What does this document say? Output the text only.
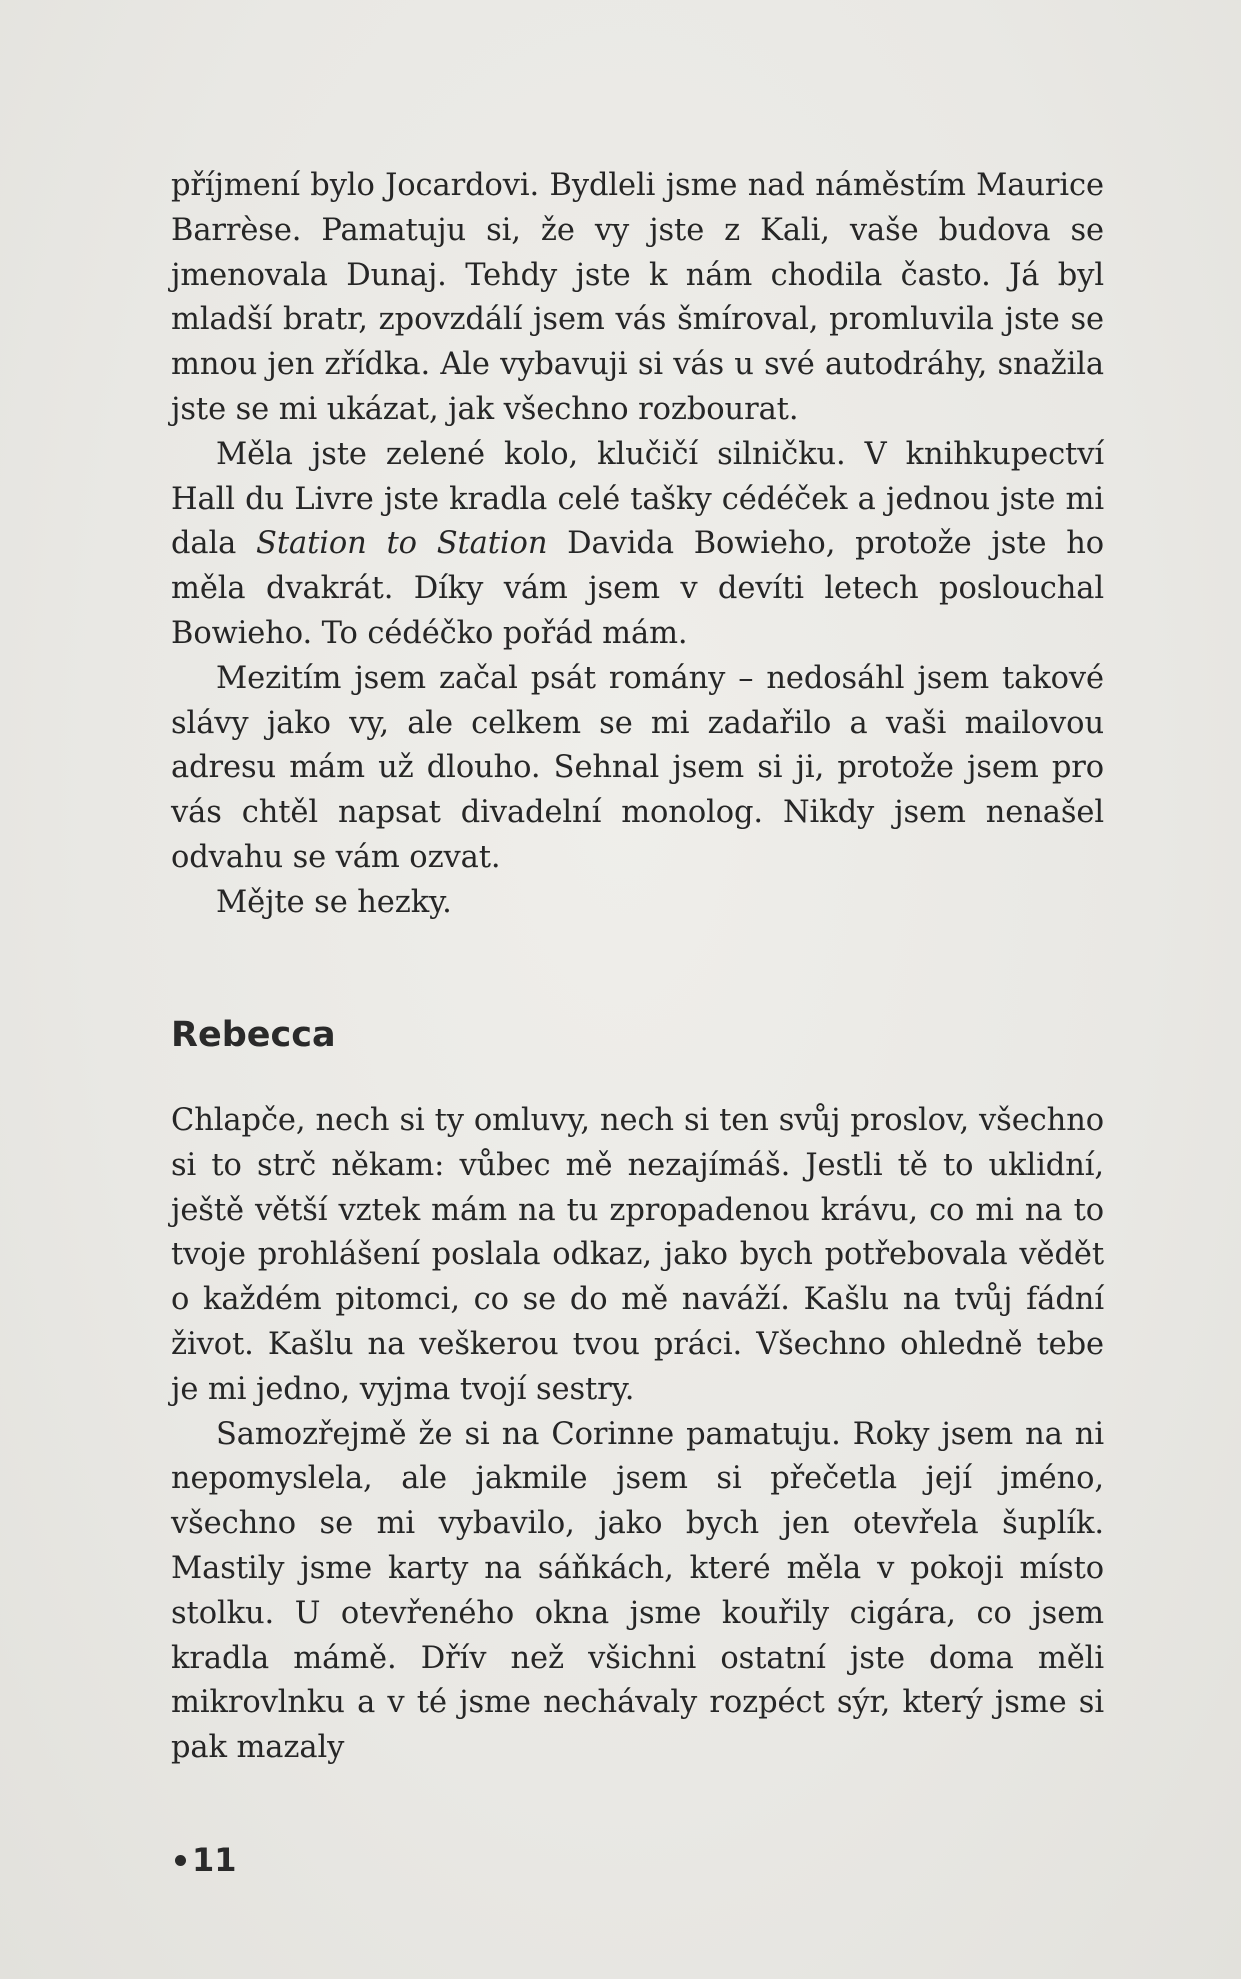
příjmení bylo Jocardovi. Bydleli jsme nad náměstím Maurice Barrèse. Pamatuju si, že vy jste z Kali, vaše budova se jmenovala Dunaj. Tehdy jste k nám chodila často. Já byl mladší bratr, zpovzdálí jsem vás šmíroval, promluvila jste se mnou jen zřídka. Ale vybavuji si vás u své autodráhy, snažila jste se mi ukázat, jak všechno rozbourat.

Měla jste zelené kolo, klučičí silničku. V knihkupectví Hall du Livre jste kradla celé tašky cédéček a jednou jste mi dala Station to Station Davida Bowieho, protože jste ho měla dvakrát. Díky vám jsem v devíti letech poslouchal Bowieho. To cédéčko pořád mám.

Mezitím jsem začal psát romány – nedosáhl jsem takové slávy jako vy, ale celkem se mi zadařilo a vaši mailovou adresu mám už dlouho. Sehnal jsem si ji, protože jsem pro vás chtěl napsat divadelní monolog. Nikdy jsem nenašel odvahu se vám ozvat.

Mějte se hezky.

Rebecca

Chlapče, nech si ty omluvy, nech si ten svůj proslov, všechno si to strč někam: vůbec mě nezajímáš. Jestli tě to uklidní, ještě větší vztek mám na tu zpropadenou krávu, co mi na to tvoje prohlášení poslala odkaz, jako bych potřebovala vědět o každém pitomci, co se do mě naváží. Kašlu na tvůj fádní život. Kašlu na veškerou tvou práci. Všechno ohledně tebe je mi jedno, vyjma tvojí sestry.

Samozřejmě že si na Corinne pamatuju. Roky jsem na ni nepomyslela, ale jakmile jsem si přečetla její jméno, všechno se mi vybavilo, jako bych jen otevřela šuplík. Mastily jsme karty na sáňkách, které měla v pokoji místo stolku. U otevřeného okna jsme kouřily cigára, co jsem kradla mámě. Dřív než všichni ostatní jste doma měli mikrovlnku a v té jsme nechávaly rozpéct sýr, který jsme si pak mazaly

11
